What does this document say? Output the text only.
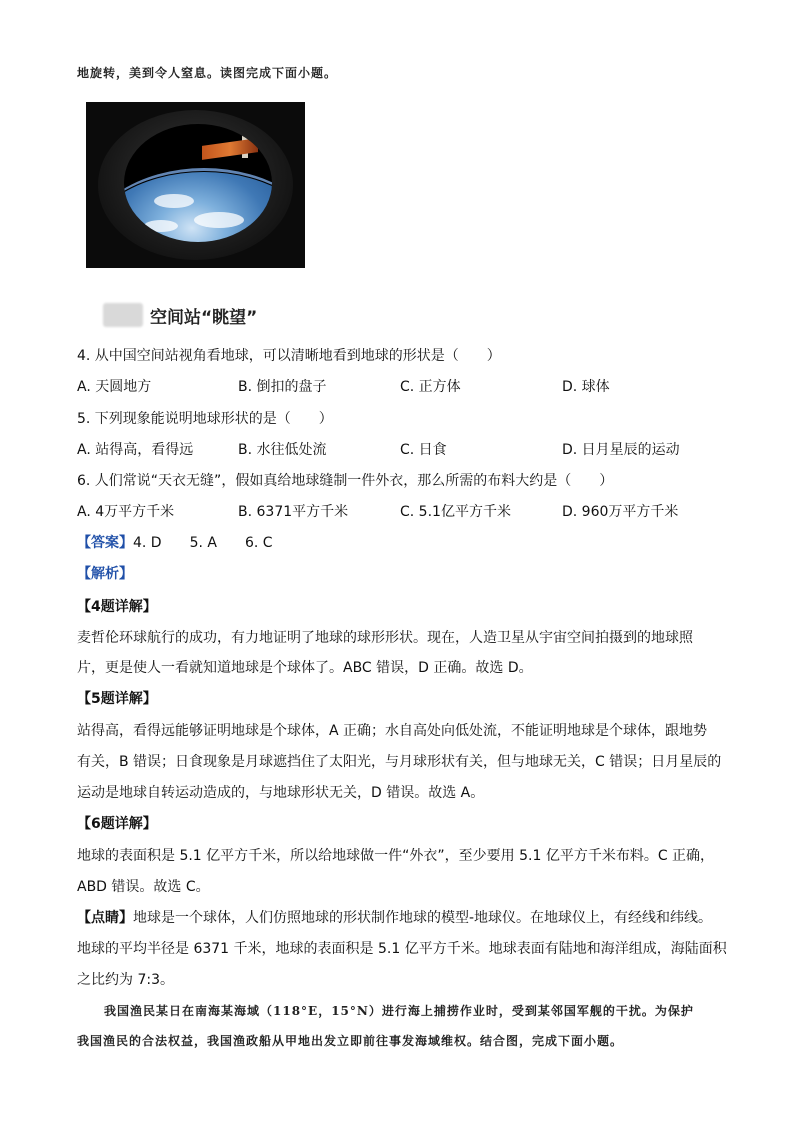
地旋转，美到令人窒息。读图完成下面小题。
空间站“眺望”
4. 从中国空间站视角看地球，可以清晰地看到地球的形状是（　　）
A. 天圆地方	B. 倒扣的盘子	C. 正方体	D. 球体
5. 下列现象能说明地球形状的是（　　）
A. 站得高，看得远	B. 水往低处流	C. 日食	D. 日月星辰的运动
6. 人们常说“天衣无缝”，假如真给地球缝制一件外衣，那么所需的布料大约是（　　）
A. 4万平方千米	B. 6371平方千米	C. 5.1亿平方千米	D. 960万平方千米
【答案】4. D　　5. A　　6. C
【解析】
【4题详解】
麦哲伦环球航行的成功，有力地证明了地球的球形形状。现在，人造卫星从宇宙空间拍摄到的地球照
片，更是使人一看就知道地球是个球体了。ABC 错误，D 正确。故选 D。
【5题详解】
站得高，看得远能够证明地球是个球体，A 正确；水自高处向低处流，不能证明地球是个球体，跟地势
有关，B 错误；日食现象是月球遮挡住了太阳光，与月球形状有关，但与地球无关，C 错误；日月星辰的
运动是地球自转运动造成的，与地球形状无关，D 错误。故选 A。
【6题详解】
地球的表面积是 5.1 亿平方千米，所以给地球做一件“外衣”，至少要用 5.1 亿平方千米布料。C 正确，
ABD 错误。故选 C。
【点睛】地球是一个球体，人们仿照地球的形状制作地球的模型-地球仪。在地球仪上，有经线和纬线。
地球的平均半径是 6371 千米，地球的表面积是 5.1 亿平方千米。地球表面有陆地和海洋组成，海陆面积
之比约为 7:3。
我国渔民某日在南海某海域（118°E，15°N）进行海上捕捞作业时，受到某邻国军舰的干扰。为保护
我国渔民的合法权益，我国渔政船从甲地出发立即前往事发海域维权。结合图，完成下面小题。
